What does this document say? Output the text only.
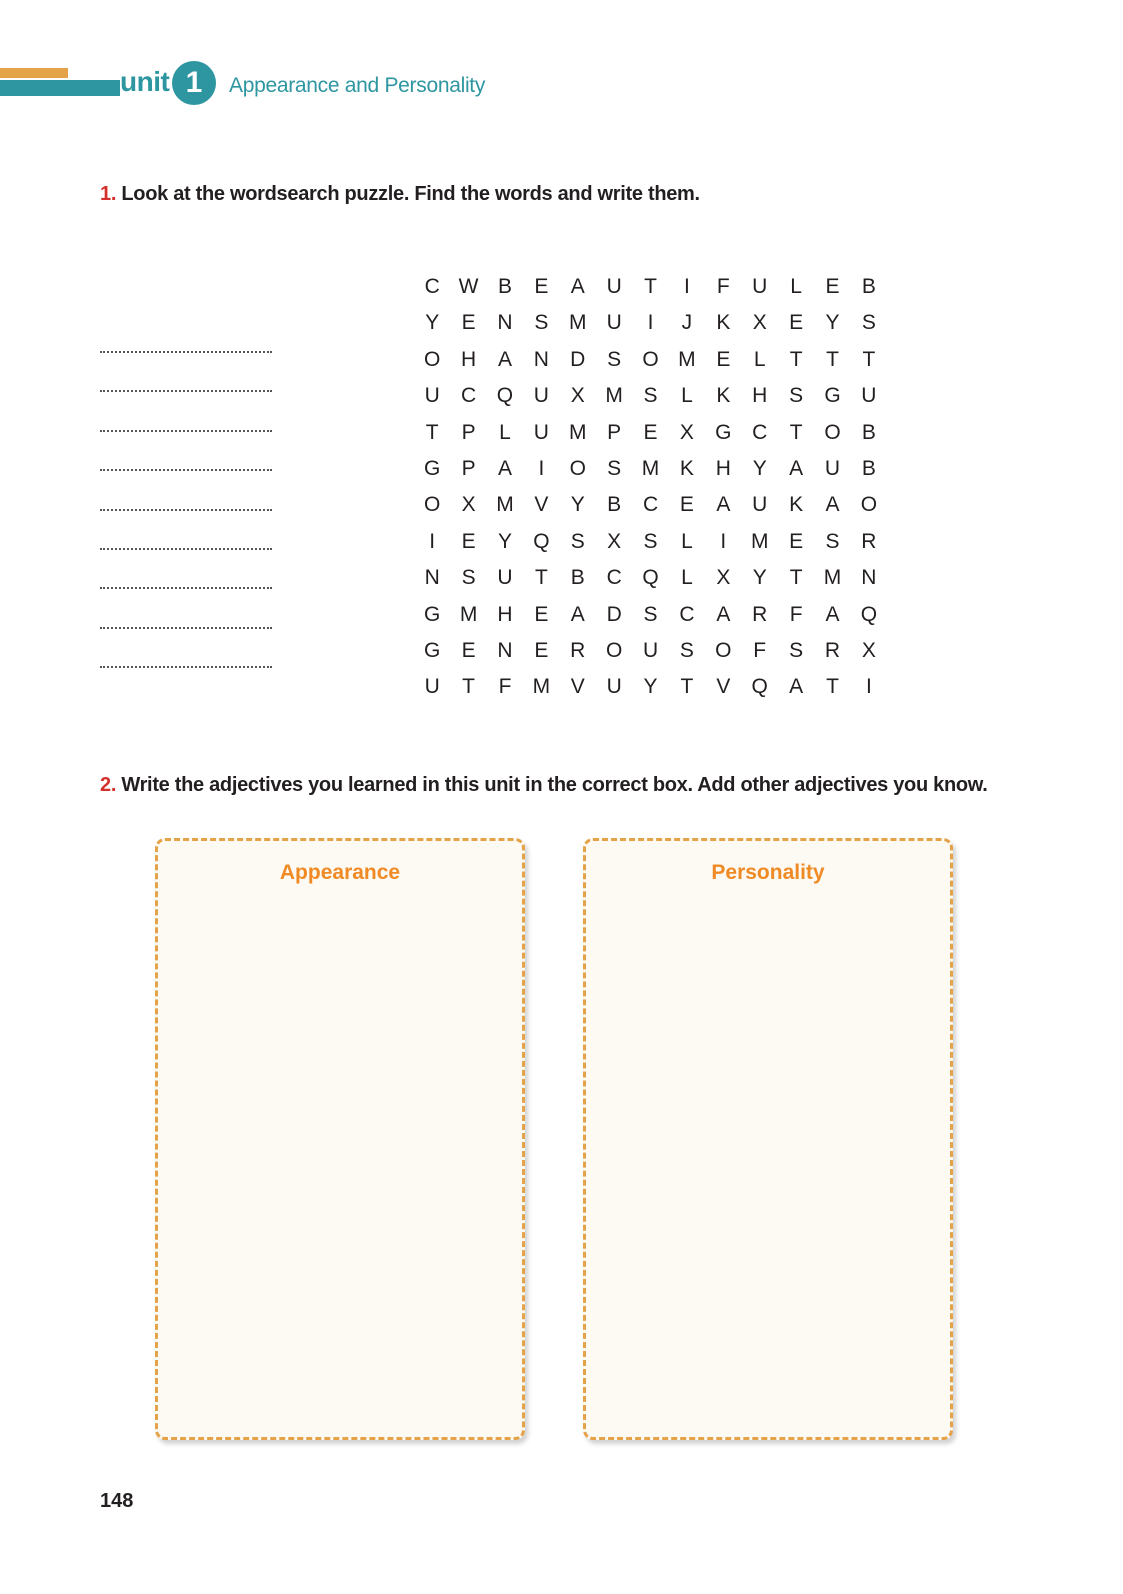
unit 1	Appearance and Personality
1. Look at the wordsearch puzzle. Find the words and write them.
C W B	E	A	U	T	I	F	U	L	E	B
Y	E	N	S M U	I	J	K	X	E	Y	S
O H	A	N	D	S	O M E	L	T	T	T
U	C Q U	X M S	L	K	H	S	G U
T	P	L	U M P	E	X	G C	T	O	B
G	P	A	I	O	S M K	H	Y	A	U	B
O	X M V	Y	B	C	E	A	U	K	A	O
I	E	Y	Q	S	X	S	L	I	M E	S	R
N	S	U	T	B	C Q	L	X	Y	T	M N
G M H	E	A	D	S	C	A	R	F	A	Q
G	E	N	E	R O U	S	O	F	S	R	X
U	T	F	M V	U	Y	T	V	Q	A	T	I
2. Write the adjectives you learned in this unit in the correct box. Add other adjectives you know.
Appearance	Personality
148
